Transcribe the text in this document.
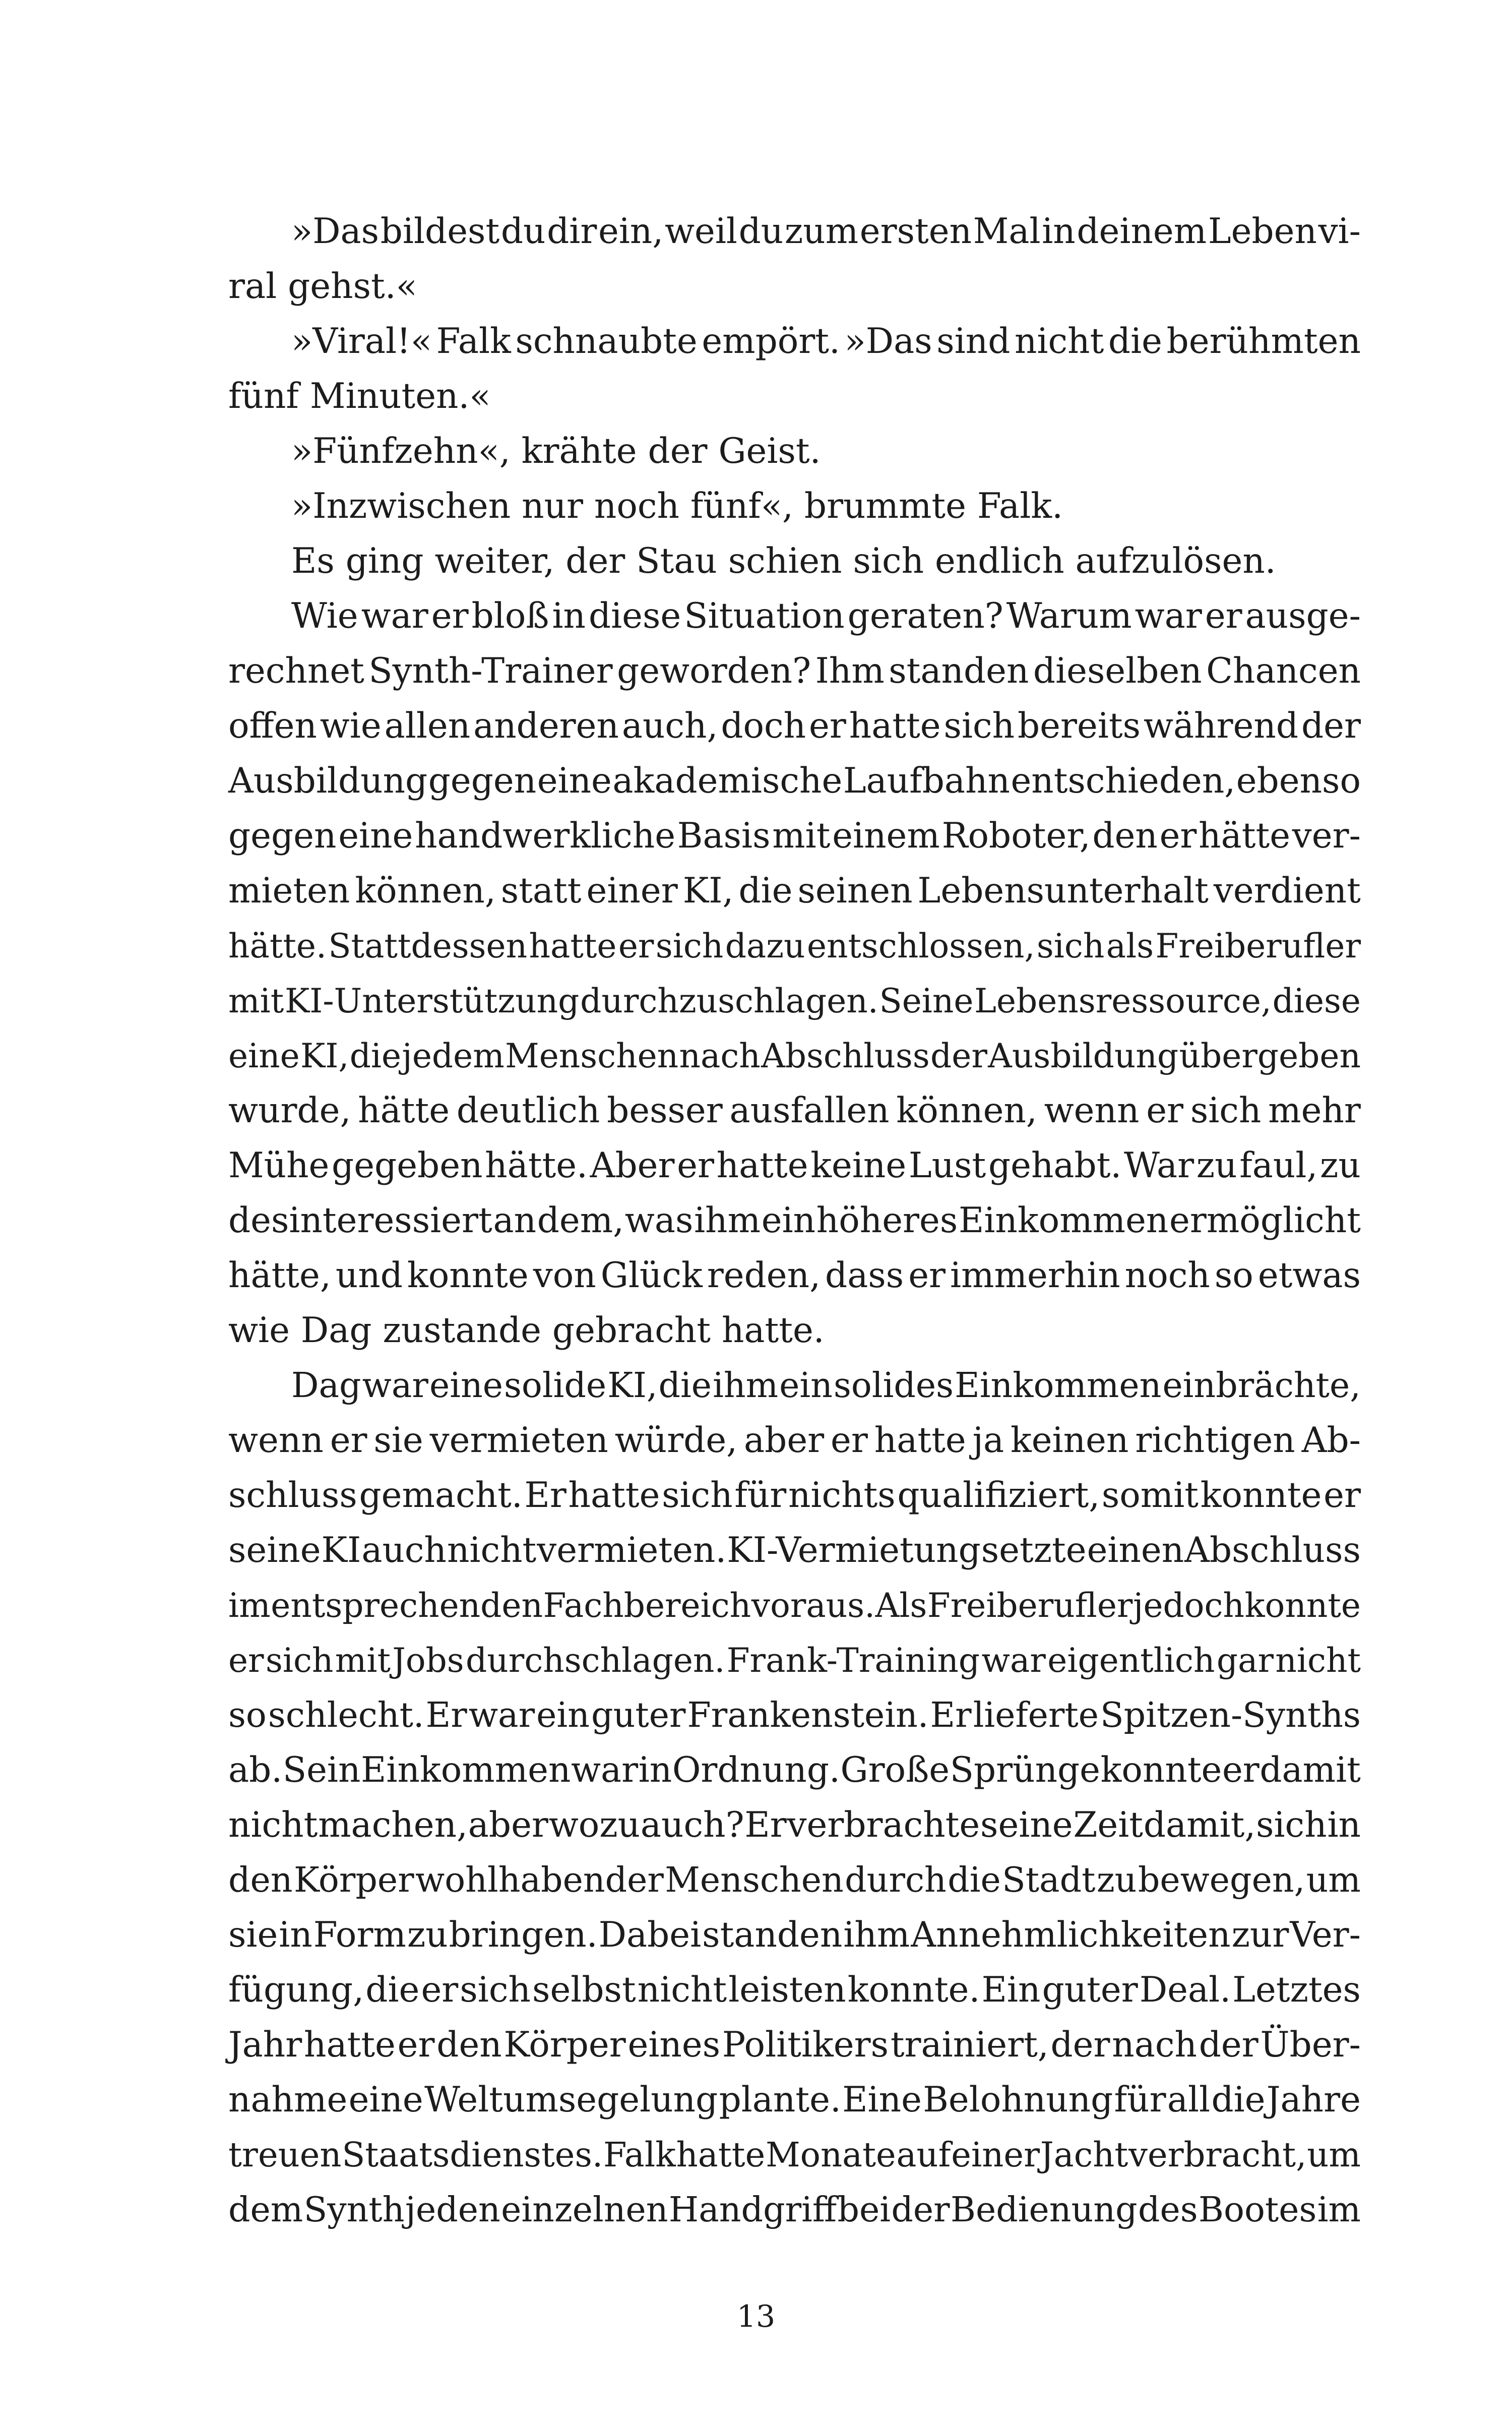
»Das bildest du dir ein, weil du zum ersten Mal in deinem Leben vi-
ral gehst.«
»Viral!« Falk schnaubte empört. »Das sind nicht die berühmten
fünf Minuten.«
»Fünfzehn«, krähte der Geist.
»Inzwischen nur noch fünf«, brummte Falk.
Es ging weiter, der Stau schien sich endlich aufzulösen.
Wie war er bloß in diese Situation geraten? Warum war er ausge-
rechnet Synth-Trainer geworden? Ihm standen dieselben Chancen
offen wie allen anderen auch, doch er hatte sich bereits während der
Ausbildung gegen eine akademische Laufbahn entschieden, ebenso
gegen eine handwerkliche Basis mit einem Roboter, den er hätte ver-
mieten können, statt einer KI, die seinen Lebensunterhalt verdient
hätte. Stattdessen hatte er sich dazu entschlossen, sich als Freiberufler
mit KI-Unterstützung durchzuschlagen. Seine Lebensressource, diese
eine KI, die jedem Menschen nach Abschluss der Ausbildung übergeben
wurde, hätte deutlich besser ausfallen können, wenn er sich mehr
Mühe gegeben hätte. Aber er hatte keine Lust gehabt. War zu faul, zu
desinteressiert an dem, was ihm ein höheres Einkommen ermöglicht
hätte, und konnte von Glück reden, dass er immerhin noch so etwas
wie Dag zustande gebracht hatte.
Dag war eine solide KI, die ihm ein solides Einkommen einbrächte,
wenn er sie vermieten würde, aber er hatte ja keinen richtigen Ab-
schluss gemacht. Er hatte sich für nichts qualifiziert, somit konnte er
seine KI auch nicht vermieten. KI-Vermietung setzte einen Abschluss
im entsprechenden Fachbereich voraus. Als Freiberufler jedoch konnte
er sich mit Jobs durchschlagen. Frank-Training war eigentlich gar nicht
so schlecht. Er war ein guter Frankenstein. Er lieferte Spitzen-Synths
ab. Sein Einkommen war in Ordnung. Große Sprünge konnte er damit
nicht machen, aber wozu auch? Er verbrachte seine Zeit damit, sich in
den Körper wohlhabender Menschen durch die Stadt zu bewegen, um
sie in Form zu bringen. Dabei standen ihm Annehmlichkeiten zur Ver-
fügung, die er sich selbst nicht leisten konnte. Ein guter Deal. Letztes
Jahr hatte er den Körper eines Politikers trainiert, der nach der Über-
nahme eine Weltumsegelung plante. Eine Belohnung für all die Jahre
treuen Staatsdienstes. Falk hatte Monate auf einer Jacht verbracht, um
dem Synth jeden einzelnen Handgriff bei der Bedienung des Bootes im
13
